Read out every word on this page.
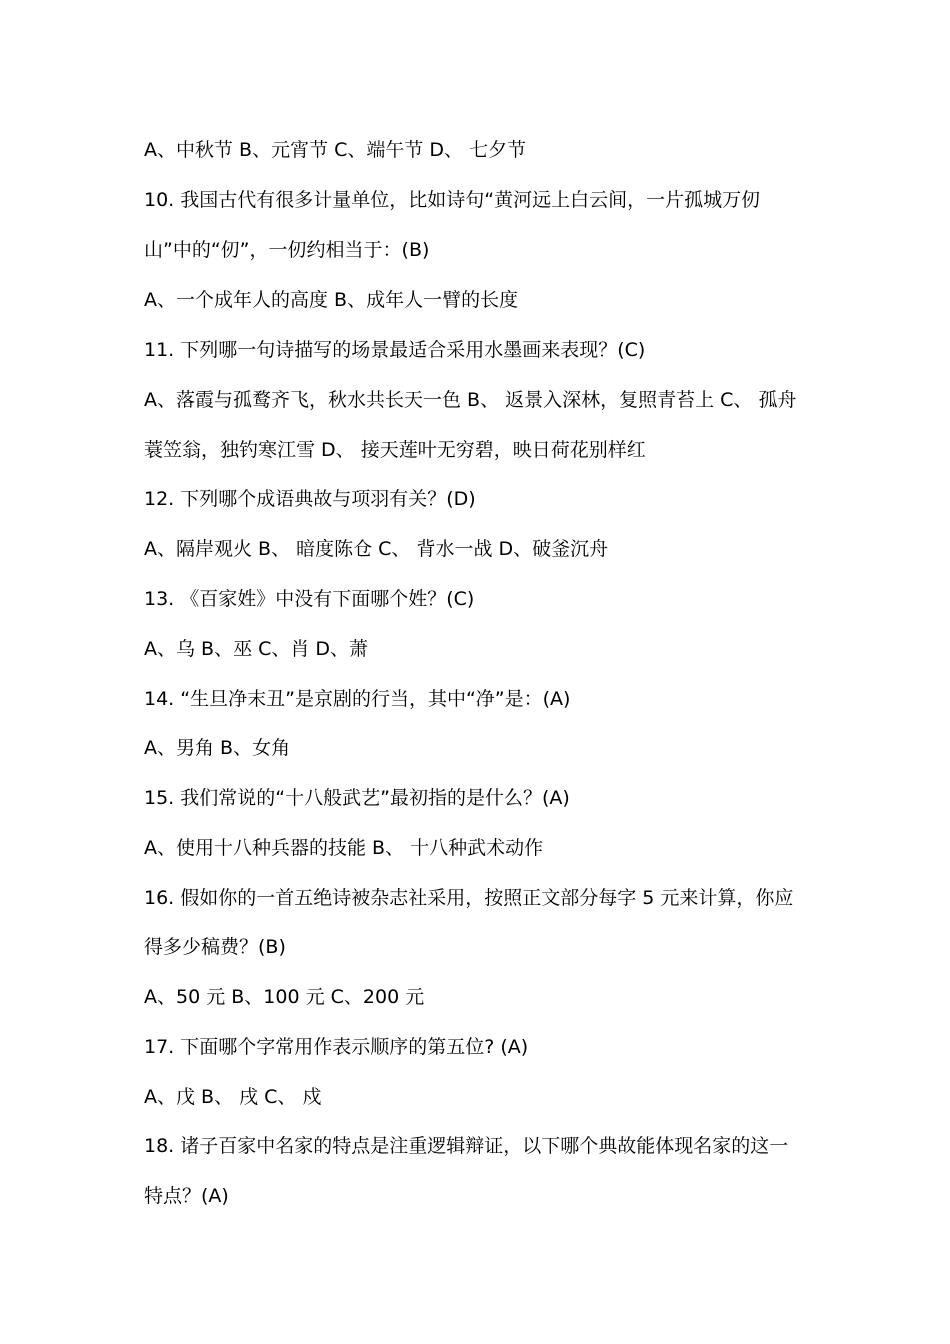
A、中秋节 B、元宵节 C、端午节 D、 七夕节
10. 我国古代有很多计量单位，比如诗句“黄河远上白云间，一片孤城万仞
山”中的“仞”，一仞约相当于：(B)
A、一个成年人的高度 B、成年人一臂的长度
11. 下列哪一句诗描写的场景最适合采用水墨画来表现？(C)
A、落霞与孤鹜齐飞，秋水共长天一色 B、 返景入深林，复照青苔上 C、 孤舟
蓑笠翁，独钓寒江雪 D、 接天莲叶无穷碧，映日荷花别样红
12. 下列哪个成语典故与项羽有关？(D)
A、隔岸观火 B、 暗度陈仓 C、 背水一战 D、破釜沉舟
13. 《百家姓》中没有下面哪个姓？(C)
A、乌 B、巫 C、肖 D、萧
14. “生旦净末丑”是京剧的行当，其中“净”是：(A)
A、男角 B、女角
15. 我们常说的“十八般武艺”最初指的是什么？(A)
A、使用十八种兵器的技能 B、 十八种武术动作
16. 假如你的一首五绝诗被杂志社采用，按照正文部分每字 5 元来计算，你应
得多少稿费？(B)
A、50 元 B、100 元 C、200 元
17. 下面哪个字常用作表示顺序的第五位? (A)
A、戊 B、 戌 C、 戍
18. 诸子百家中名家的特点是注重逻辑辩证，以下哪个典故能体现名家的这一
特点？(A)
